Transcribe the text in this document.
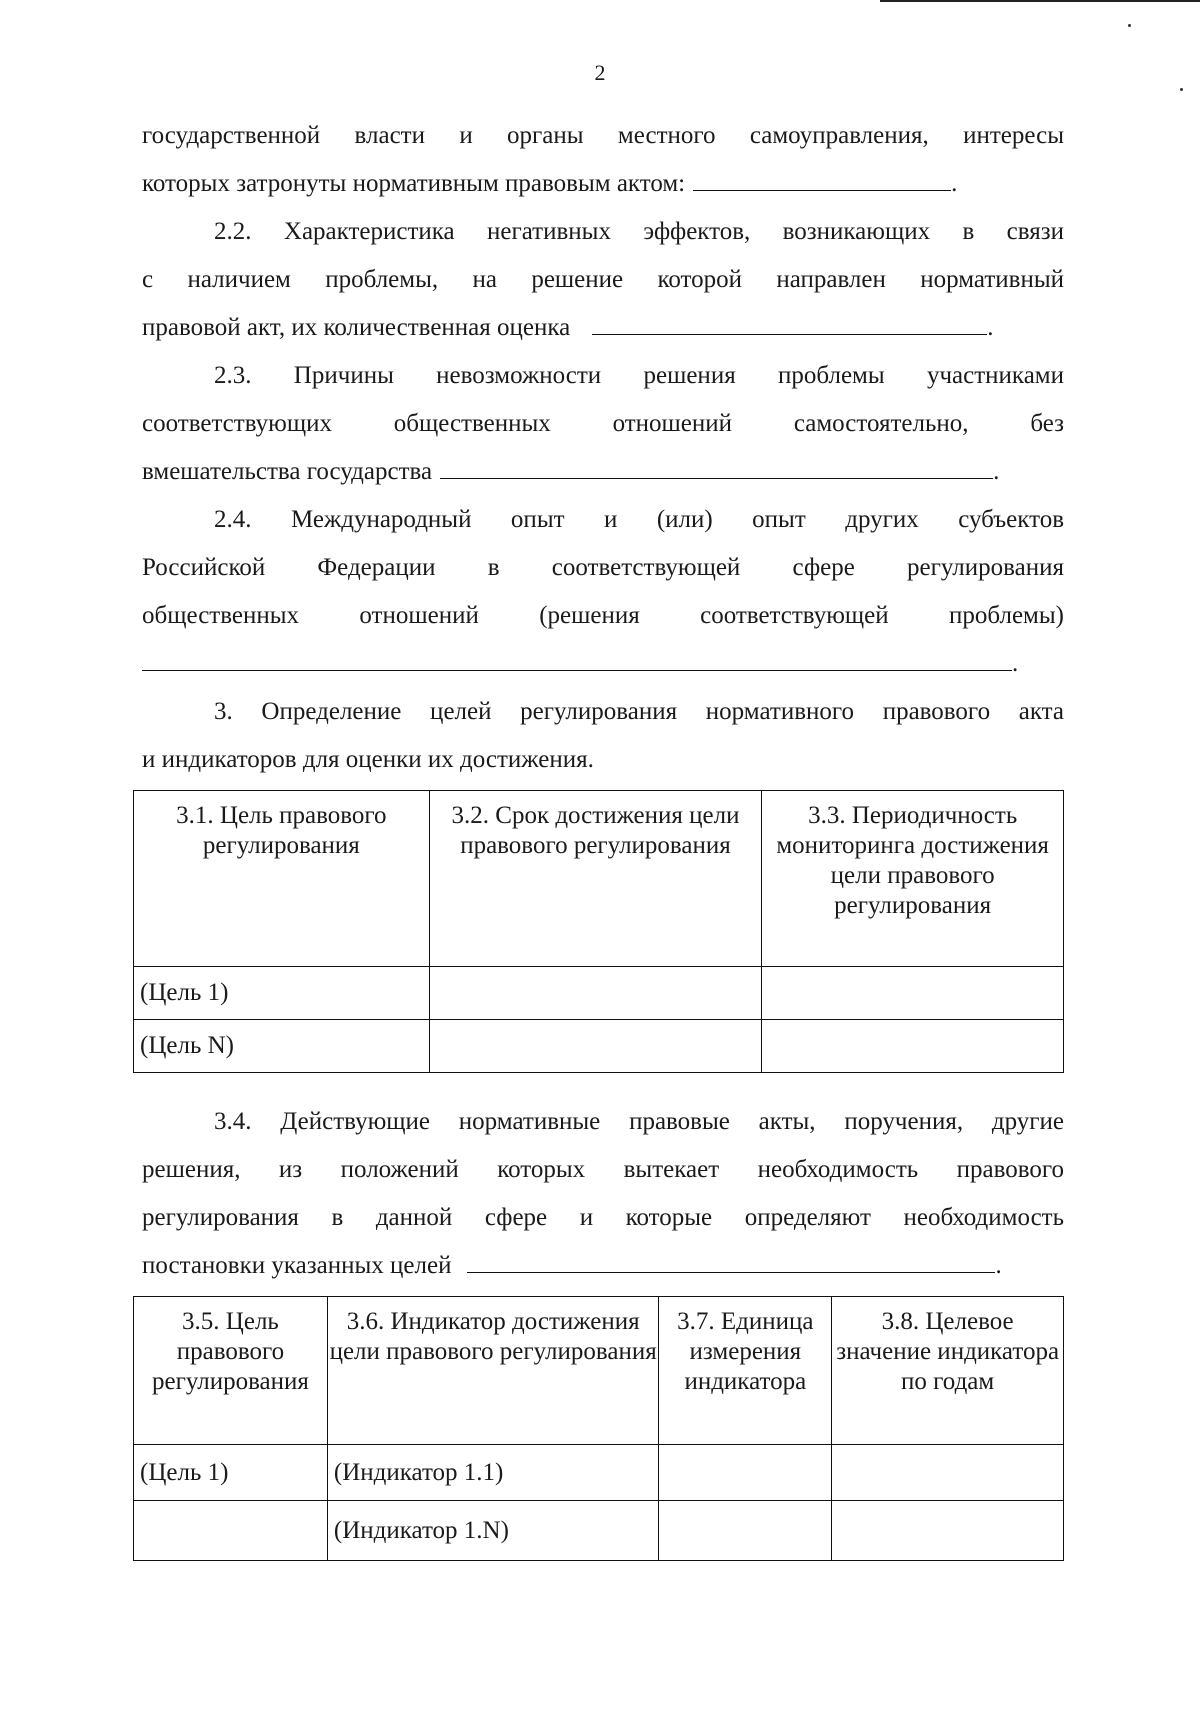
2
государственной власти и органы местного самоуправления, интересы
которых затронуты нормативным правовым актом:	.
2.2. Характеристика негативных эффектов, возникающих в связи
с наличием проблемы, на решение которой направлен нормативный
правовой акт, их количественная оценка	.
2.3. Причины невозможности решения проблемы участниками
соответствующих общественных отношений самостоятельно, без
вмешательства государства	.
2.4. Международный опыт и (или) опыт других субъектов
Российской Федерации в соответствующей сфере регулирования
общественных отношений (решения соответствующей проблемы)
.
3. Определение целей регулирования нормативного правового акта
и индикаторов для оценки их достижения.
3.1. Цель правового регулирования	3.2. Срок достижения цели правового регулирования	3.3. Периодичность мониторинга достижения цели правового регулирования
(Цель 1)		
(Цель N)		
3.4. Действующие нормативные правовые акты, поручения, другие
решения, из положений которых вытекает необходимость правового
регулирования в данной сфере и которые определяют необходимость
постановки указанных целей	.
3.5. Цель правового регулирования	3.6. Индикатор достижения цели правового регулирования	3.7. Единица измерения индикатора	3.8. Целевое значение индикатора по годам
(Цель 1)	(Индикатор 1.1)		
	(Индикатор 1.N)		
